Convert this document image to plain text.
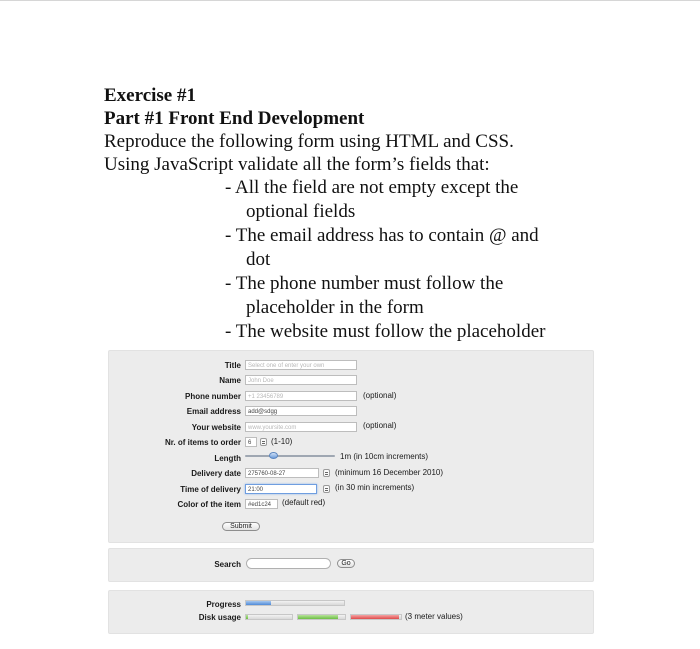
Exercise #1
Part #1 Front End Development
Reproduce the following form using HTML and CSS.
Using JavaScript validate all the form’s fields that:
- All the field are not empty except the
optional fields
- The email address has to contain @ and
dot
- The phone number must follow the
placeholder in the form
- The website must follow the placeholder
Title	Select one of enter your own
Name	John Doe
Phone number	+1 23456789	(optional)
Email address	add@sdgg
Your website	www.yoursite.com	(optional)
Nr. of items to order	6	(1-10)
Length	1m (in 10cm increments)
Delivery date	275760-08-27	(minimum 16 December 2010)
Time of delivery	21:00	(in 30 min increments)
Color of the item	#ed1c24	(default red)
Submit
Search	Go
Progress
Disk usage	(3 meter values)
